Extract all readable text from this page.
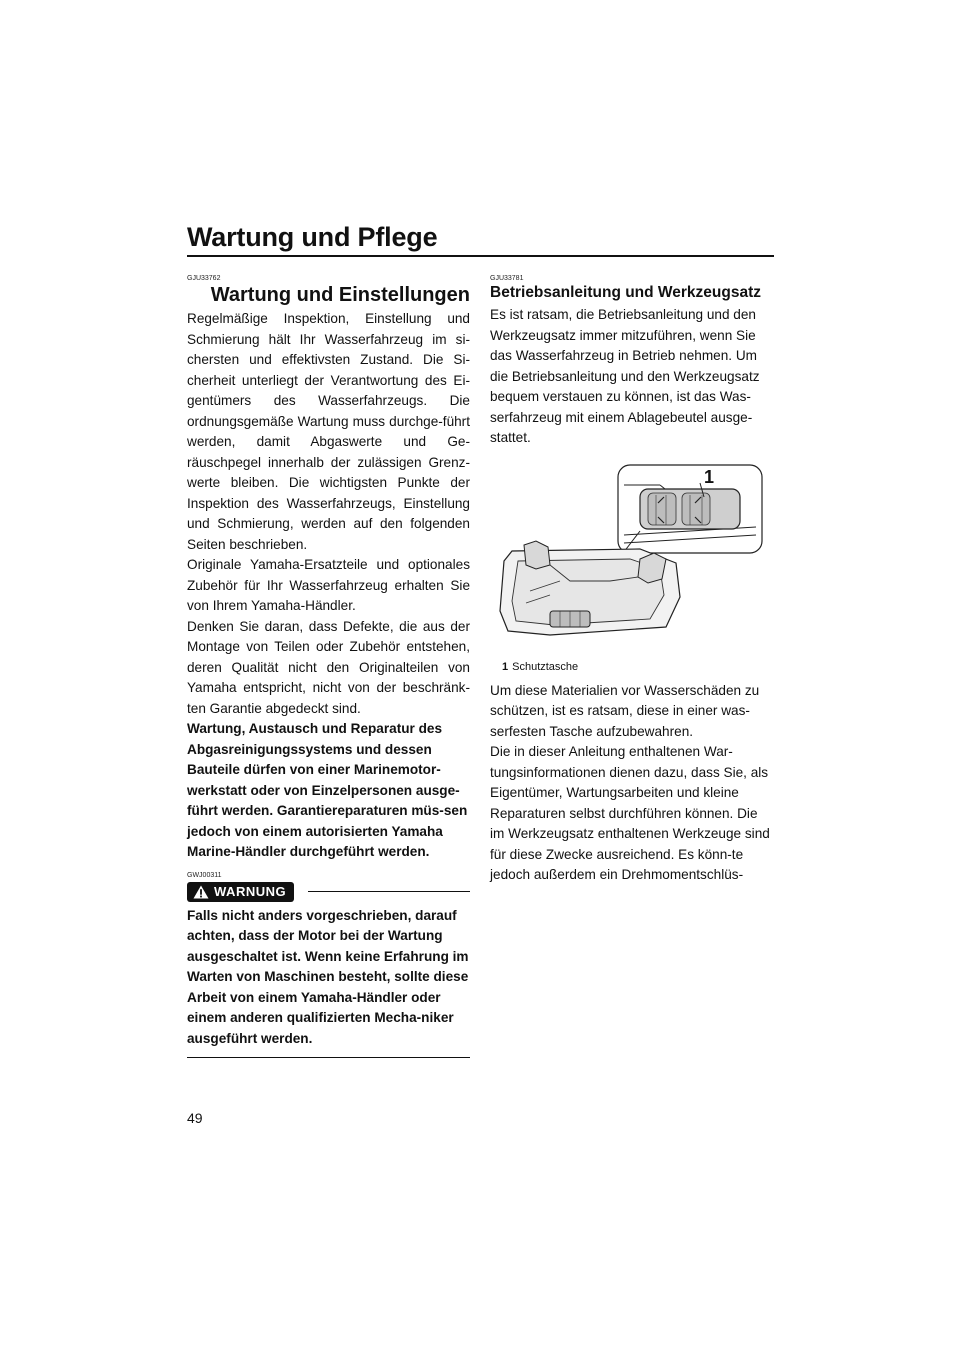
Wartung und Pflege

GJU33762

Wartung und Einstellungen

Regelmäßige Inspektion, Einstellung und Schmierung hält Ihr Wasserfahrzeug im si-chersten und effektivsten Zustand. Die Si-cherheit unterliegt der Verantwortung des Ei-gentümers des Wasserfahrzeugs. Die ordnungsgemäße Wartung muss durchge-führt werden, damit Abgaswerte und Ge-räuschpegel innerhalb der zulässigen Grenz-werte bleiben. Die wichtigsten Punkte der Inspektion des Wasserfahrzeugs, Einstellung und Schmierung, werden auf den folgenden Seiten beschrieben.

Originale Yamaha-Ersatzteile und optionales Zubehör für Ihr Wasserfahrzeug erhalten Sie von Ihrem Yamaha-Händler.

Denken Sie daran, dass Defekte, die aus der Montage von Teilen oder Zubehör entstehen, deren Qualität nicht den Originalteilen von Yamaha entspricht, nicht von der beschränk-ten Garantie abgedeckt sind.

Wartung, Austausch und Reparatur des Abgasreinigungssystems und dessen Bauteile dürfen von einer Marinemotor-werkstatt oder von Einzelpersonen ausge-führt werden. Garantiereparaturen müs-sen jedoch von einem autorisierten Yamaha Marine-Händler durchgeführt werden.

GWJ00311

WARNUNG

Falls nicht anders vorgeschrieben, darauf achten, dass der Motor bei der Wartung ausgeschaltet ist. Wenn keine Erfahrung im Warten von Maschinen besteht, sollte diese Arbeit von einem Yamaha-Händler oder einem anderen qualifizierten Mecha-niker ausgeführt werden.

GJU33781

Betriebsanleitung und Werkzeugsatz

Es ist ratsam, die Betriebsanleitung und den Werkzeugsatz immer mitzuführen, wenn Sie das Wasserfahrzeug in Betrieb nehmen. Um die Betriebsanleitung und den Werkzeugsatz bequem verstauen zu können, ist das Was-serfahrzeug mit einem Ablagebeutel ausge-stattet.

1

1 Schutztasche

Um diese Materialien vor Wasserschäden zu schützen, ist es ratsam, diese in einer was-serfesten Tasche aufzubewahren.

Die in dieser Anleitung enthaltenen War-tungsinformationen dienen dazu, dass Sie, als Eigentümer, Wartungsarbeiten und kleine Reparaturen selbst durchführen können. Die im Werkzeugsatz enthaltenen Werkzeuge sind für diese Zwecke ausreichend. Es könn-te jedoch außerdem ein Drehmomentschlüs-

49
